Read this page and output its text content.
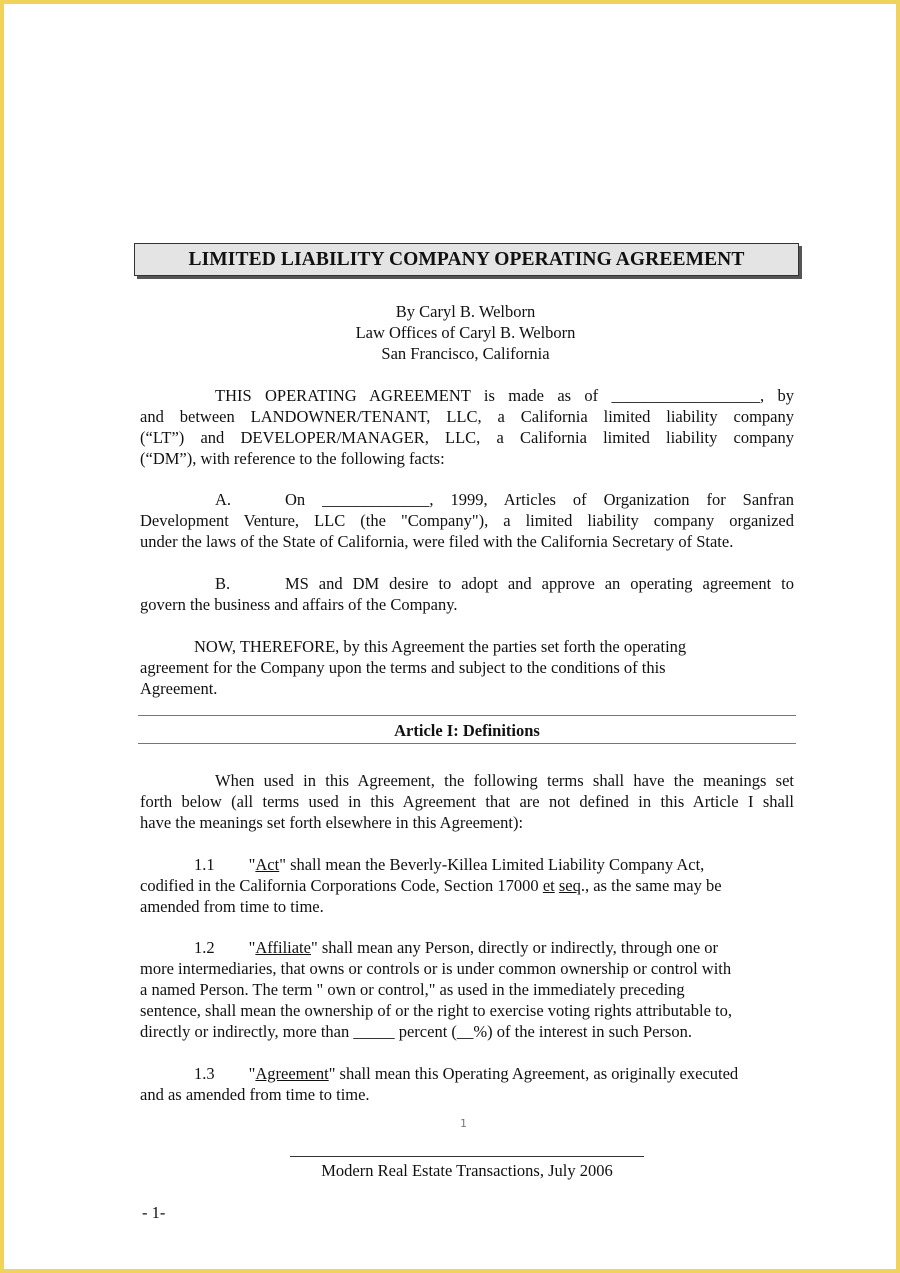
LIMITED LIABILITY COMPANY OPERATING AGREEMENT
By Caryl B. Welborn
Law Offices of Caryl B. Welborn
San Francisco, California
THIS OPERATING AGREEMENT is made as of __________________, by
and between LANDOWNER/TENANT, LLC, a California limited liability company
(“LT”) and DEVELOPER/MANAGER, LLC, a California limited liability company
(“DM”), with reference to the following facts:
A.	On _____________, 1999, Articles of Organization for Sanfran
Development Venture, LLC (the "Company"), a limited liability company organized
under the laws of the State of California, were filed with the California Secretary of State.
B.	MS and DM desire to adopt and approve an operating agreement to
govern the business and affairs of the Company.
NOW, THEREFORE, by this Agreement the parties set forth the operating
agreement for the Company upon the terms and subject to the conditions of this
Agreement.
Article I: Definitions
When used in this Agreement, the following terms shall have the meanings set
forth below (all terms used in this Agreement that are not defined in this Article I shall
have the meanings set forth elsewhere in this Agreement):
1.1 "Act" shall mean the Beverly-Killea Limited Liability Company Act,
codified in the California Corporations Code, Section 17000 et seq., as the same may be
amended from time to time.
1.2 "Affiliate" shall mean any Person, directly or indirectly, through one or
more intermediaries, that owns or controls or is under common ownership or control with
a named Person. The term " own or control," as used in the immediately preceding
sentence, shall mean the ownership of or the right to exercise voting rights attributable to,
directly or indirectly, more than _____ percent (__%) of the interest in such Person.
1.3 "Agreement" shall mean this Operating Agreement, as originally executed
and as amended from time to time.
1
Modern Real Estate Transactions, July 2006
- 1-
